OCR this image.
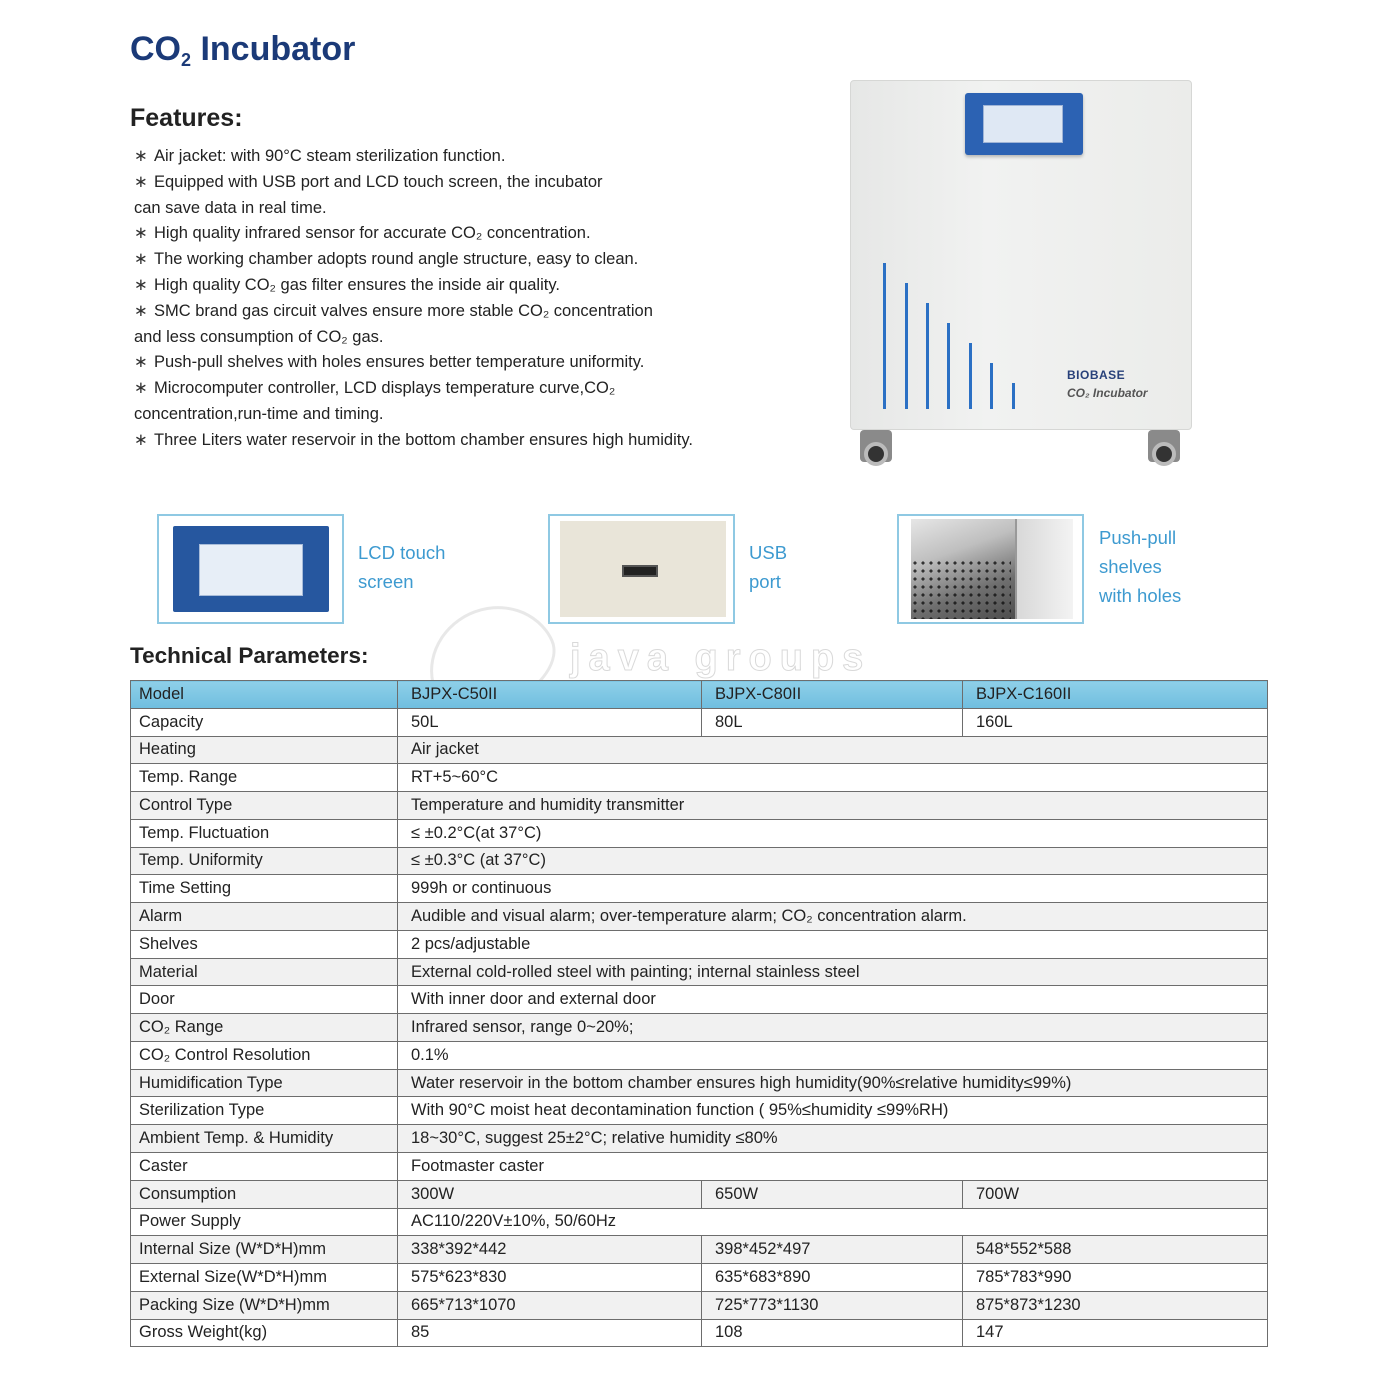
$CO_2$ Incubator
Features:
∗ Air jacket: with 90°C steam sterilization function.
∗ Equipped with USB port and LCD touch screen, the incubator
can save data in real time.
∗ High quality infrared sensor for accurate CO₂ concentration.
∗ The working chamber adopts round angle structure, easy to clean.
∗ High quality CO₂ gas filter ensures the inside air quality.
∗ SMC brand gas circuit valves ensure more stable CO₂ concentration
and less consumption of CO₂ gas.
∗ Push-pull shelves with holes ensures better temperature uniformity.
∗ Microcomputer controller, LCD displays temperature curve,CO₂
concentration,run-time and timing.
∗ Three Liters water reservoir in the bottom chamber ensures high humidity.
BIOBASE
CO₂ Incubator
LCD touch
screen
USB
port
Push-pull
shelves
with holes
java groups
Technical Parameters:
Model	BJPX-C50II	BJPX-C80II	BJPX-C160II
Capacity	50L	80L	160L
Heating	Air jacket		
Temp. Range	RT+5~60°C		
Control Type	Temperature and humidity transmitter		
Temp. Fluctuation	≤ ±0.2°C(at 37°C)		
Temp. Uniformity	≤ ±0.3°C (at 37°C)		
Time Setting	999h or continuous		
Alarm	Audible and visual alarm; over-temperature alarm; CO₂ concentration alarm.		
Shelves	2 pcs/adjustable		
Material	External cold-rolled steel with painting; internal stainless steel		
Door	With inner door and external door		
CO₂ Range	Infrared sensor, range 0~20%;		
CO₂ Control Resolution	0.1%		
Humidification Type	Water reservoir in the bottom chamber ensures high humidity(90%≤relative humidity≤99%)		
Sterilization Type	With 90°C moist heat decontamination function ( 95%≤humidity ≤99%RH)		
Ambient Temp. & Humidity	18~30°C, suggest 25±2°C; relative humidity ≤80%		
Caster	Footmaster caster		
Consumption	300W	650W	700W
Power Supply	AC110/220V±10%, 50/60Hz		
Internal Size (W*D*H)mm	338*392*442	398*452*497	548*552*588
External Size(W*D*H)mm	575*623*830	635*683*890	785*783*990
Packing Size (W*D*H)mm	665*713*1070	725*773*1130	875*873*1230
Gross Weight(kg)	85	108	147
